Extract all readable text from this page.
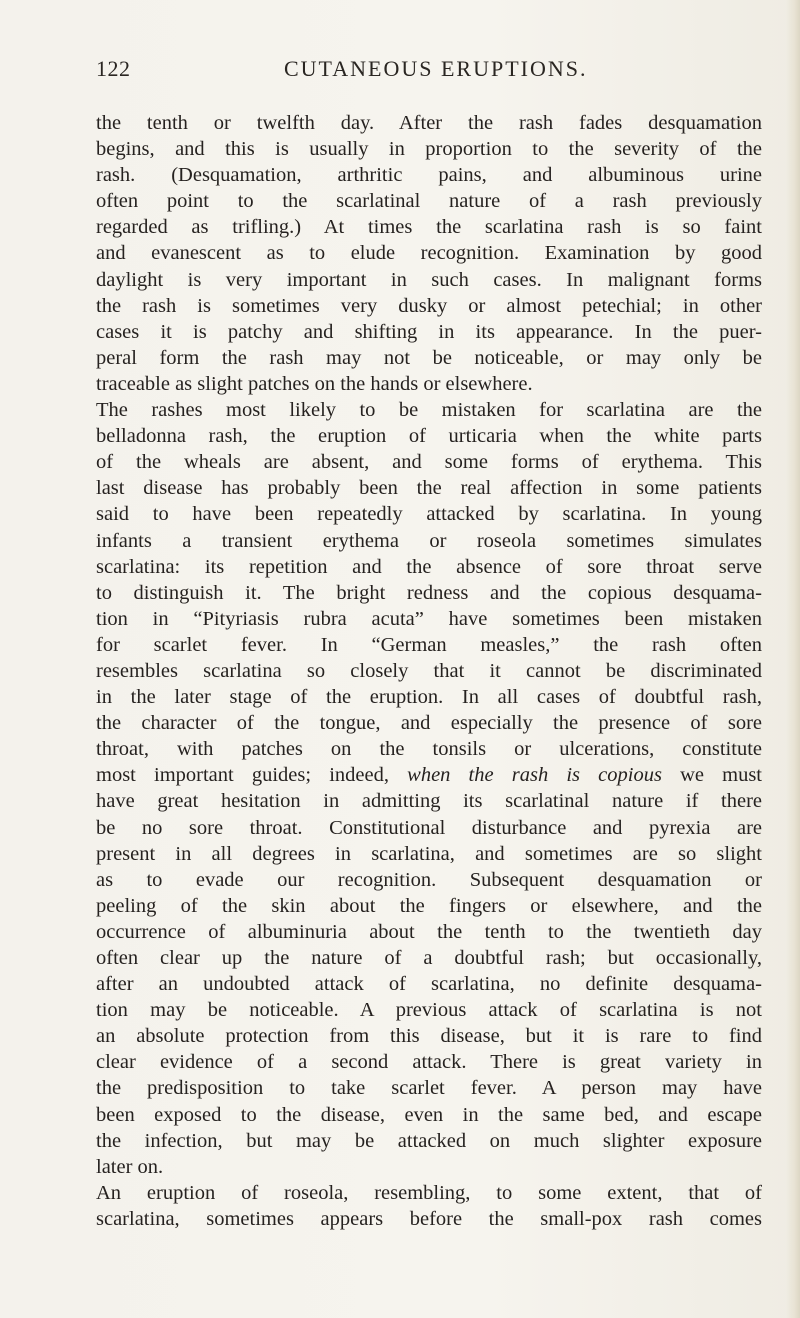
122	CUTANEOUS ERUPTIONS.
the tenth or twelfth day. After the rash fades desquamation
begins, and this is usually in proportion to the severity of the
rash. (Desquamation, arthritic pains, and albuminous urine
often point to the scarlatinal nature of a rash previously
regarded as trifling.) At times the scarlatina rash is so faint
and evanescent as to elude recognition. Examination by good
daylight is very important in such cases. In malignant forms
the rash is sometimes very dusky or almost petechial; in other
cases it is patchy and shifting in its appearance. In the puer-
peral form the rash may not be noticeable, or may only be
traceable as slight patches on the hands or elsewhere.
The rashes most likely to be mistaken for scarlatina are the
belladonna rash, the eruption of urticaria when the white parts
of the wheals are absent, and some forms of erythema. This
last disease has probably been the real affection in some patients
said to have been repeatedly attacked by scarlatina. In young
infants a transient erythema or roseola sometimes simulates
scarlatina: its repetition and the absence of sore throat serve
to distinguish it. The bright redness and the copious desquama-
tion in “Pityriasis rubra acuta” have sometimes been mistaken
for scarlet fever. In “German measles,” the rash often
resembles scarlatina so closely that it cannot be discriminated
in the later stage of the eruption. In all cases of doubtful rash,
the character of the tongue, and especially the presence of sore
throat, with patches on the tonsils or ulcerations, constitute
most important guides; indeed, when the rash is copious we must
have great hesitation in admitting its scarlatinal nature if there
be no sore throat. Constitutional disturbance and pyrexia are
present in all degrees in scarlatina, and sometimes are so slight
as to evade our recognition. Subsequent desquamation or
peeling of the skin about the fingers or elsewhere, and the
occurrence of albuminuria about the tenth to the twentieth day
often clear up the nature of a doubtful rash; but occasionally,
after an undoubted attack of scarlatina, no definite desquama-
tion may be noticeable. A previous attack of scarlatina is not
an absolute protection from this disease, but it is rare to find
clear evidence of a second attack. There is great variety in
the predisposition to take scarlet fever. A person may have
been exposed to the disease, even in the same bed, and escape
the infection, but may be attacked on much slighter exposure
later on.
An eruption of roseola, resembling, to some extent, that of
scarlatina, sometimes appears before the small-pox rash comes
